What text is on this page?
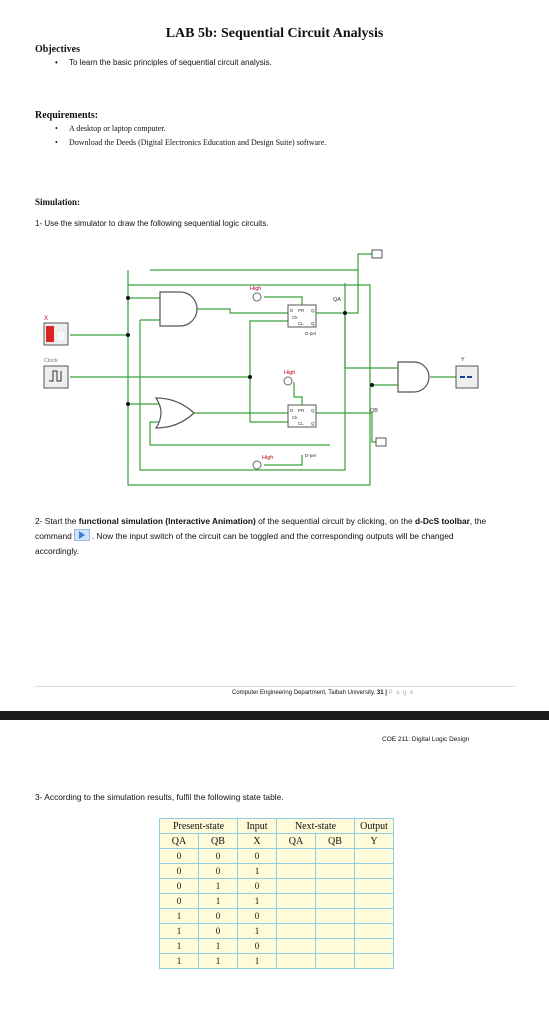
LAB 5b: Sequential Circuit Analysis
Objectives
• To learn the basic principles of sequential circuit analysis.
Requirements:
• A desktop or laptop computer.
• Download the Deeds (Digital Electronics Education and Design Suite) software.
Simulation:
1- Use the simulator to draw the following sequential logic circuits.
X
0
Clock	Y
QA
QB
High
High
High
D PR Q
Ck
CL Q
D-pet
D PR Q
Ck
CL Q
D-pet
2- Start the functional simulation (Interactive Animation) of the sequential circuit by clicking, on the d-DcS toolbar, the command . Now the input switch of the circuit can be toggled and the corresponding outputs will be changed accordingly.
Computer Engineering Department, Taibah University. 31 | P a g e
COE 211: Digital Logic Design
3- According to the simulation results, fulfil the following state table.
Present-state		Input	Next-state		Output
QA	QB	X	QA	QB	Y
0	0	0			
0	0	1			
0	1	0			
0	1	1			
1	0	0			
1	0	1			
1	1	0			
1	1	1			
